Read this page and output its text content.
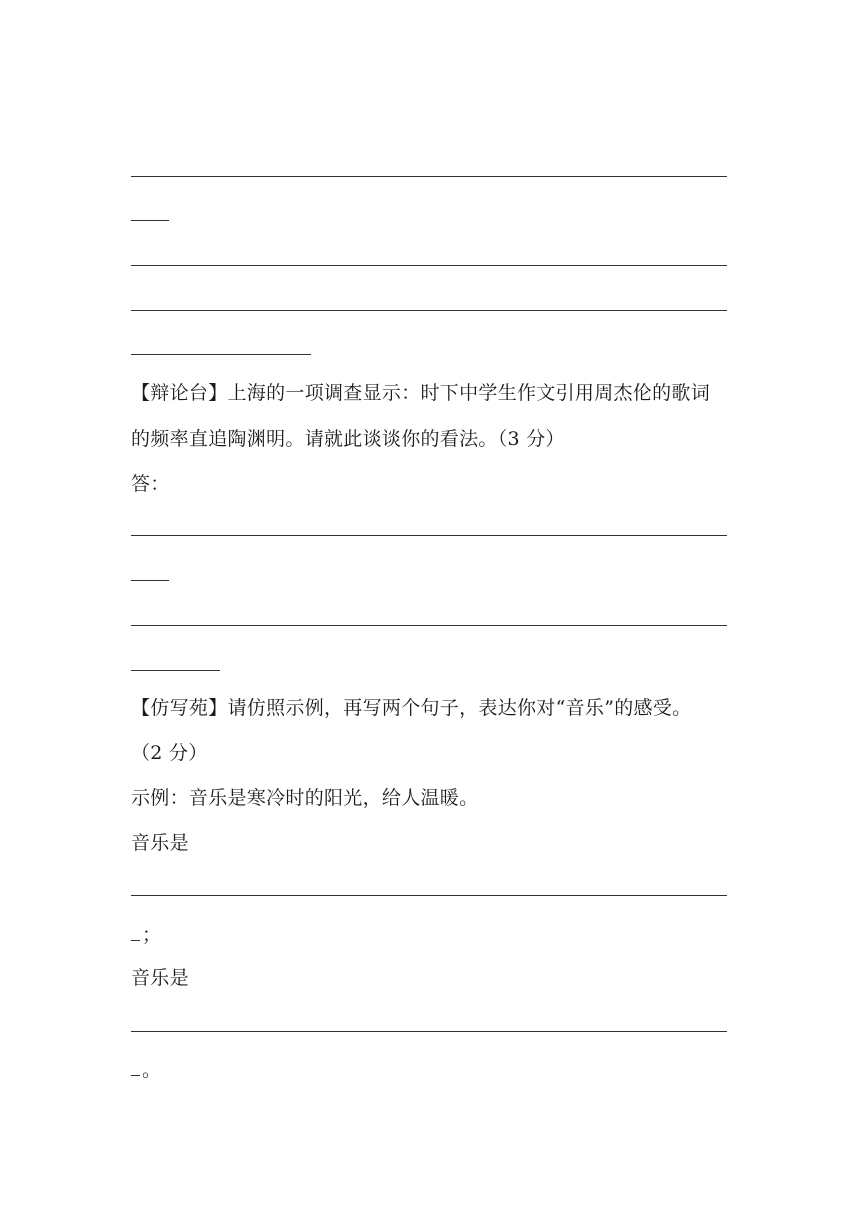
【辩论台】上海的一项调查显示：时下中学生作文引用周杰伦的歌词
的频率直追陶渊明。请就此谈谈你的看法。（3 分）
答：
【仿写苑】请仿照示例，再写两个句子，表达你对“音乐”的感受。
（2 分）
示例：音乐是寒冷时的阳光，给人温暖。
音乐是
；
音乐是
。
